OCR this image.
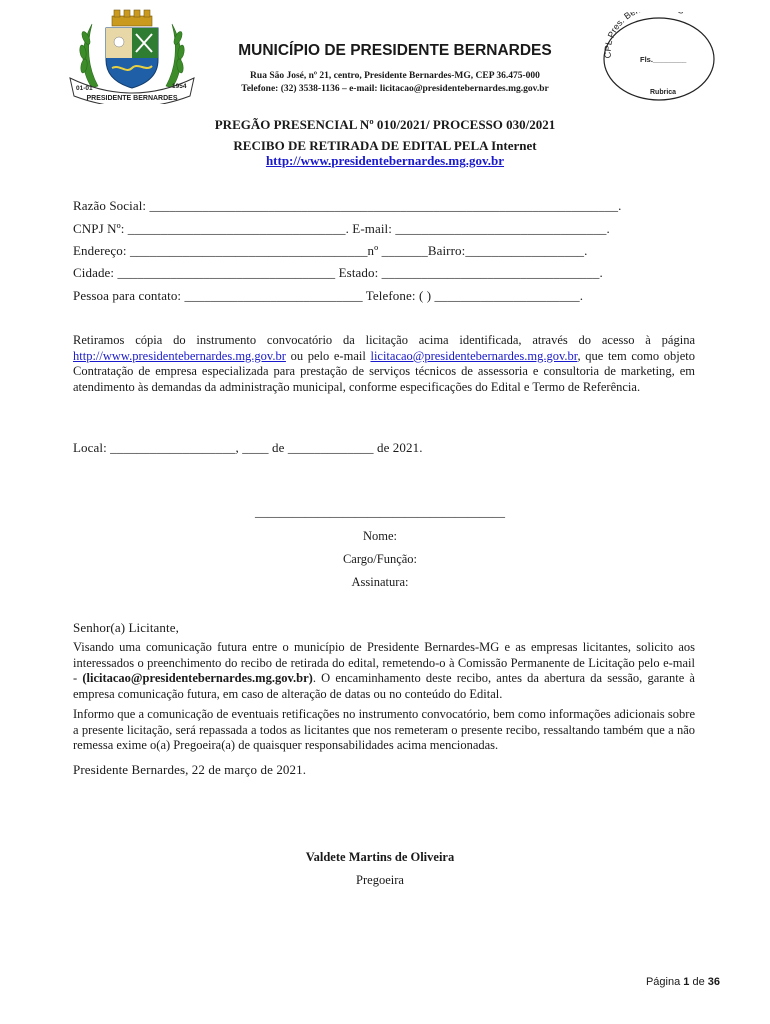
01-01	1954
PRESIDENTE BERNARDES
MUNICÍPIO DE PRESIDENTE BERNARDES
Rua São José, nº 21, centro, Presidente Bernardes-MG, CEP 36.475-000
Telefone: (32) 3538-1136 – e-mail: licitacao@presidentebernardes.mg.gov.br
CPL Pres. Be
Fls.________
Rubrica
PREGÃO PRESENCIAL Nº 010/2021/ PROCESSO 030/2021
RECIBO DE RETIRADA DE EDITAL PELA Internet
http://www.presidentebernardes.mg.gov.br
Razão Social: _______________________________________________________________________.
CNPJ Nº: _________________________________. E-mail: ________________________________.
Endereço: ____________________________________nº _______Bairro:__________________.
Cidade: _________________________________ Estado: _________________________________.
Pessoa para contato: ___________________________ Telefone: ( ) ______________________.
Retiramos cópia do instrumento convocatório da licitação acima identificada, através do acesso à página http://www.presidentebernardes.mg.gov.br ou pelo e-mail licitacao@presidentebernardes.mg.gov.br, que tem como objeto Contratação de empresa especializada para prestação de serviços técnicos de assessoria e consultoria de marketing, em atendimento às demandas da administração municipal, conforme especificações do Edital e Termo de Referência.
Local: ___________________, ____ de _____________ de 2021.
________________________________________
Nome:
Cargo/Função:
Assinatura:
Senhor(a) Licitante,
Visando uma comunicação futura entre o município de Presidente Bernardes-MG e as empresas licitantes, solicito aos interessados o preenchimento do recibo de retirada do edital, remetendo-o à Comissão Permanente de Licitação pelo e-mail - (licitacao@presidentebernardes.mg.gov.br). O encaminhamento deste recibo, antes da abertura da sessão, garante à empresa comunicação futura, em caso de alteração de datas ou no conteúdo do Edital.
Informo que a comunicação de eventuais retificações no instrumento convocatório, bem como informações adicionais sobre a presente licitação, será repassada a todos as licitantes que nos remeteram o presente recibo, ressaltando também que a não remessa exime o(a) Pregoeira(a) de quaisquer responsabilidades acima mencionadas.
Presidente Bernardes, 22 de março de 2021.
Valdete Martins de Oliveira
Pregoeira
Página 1 de 36
